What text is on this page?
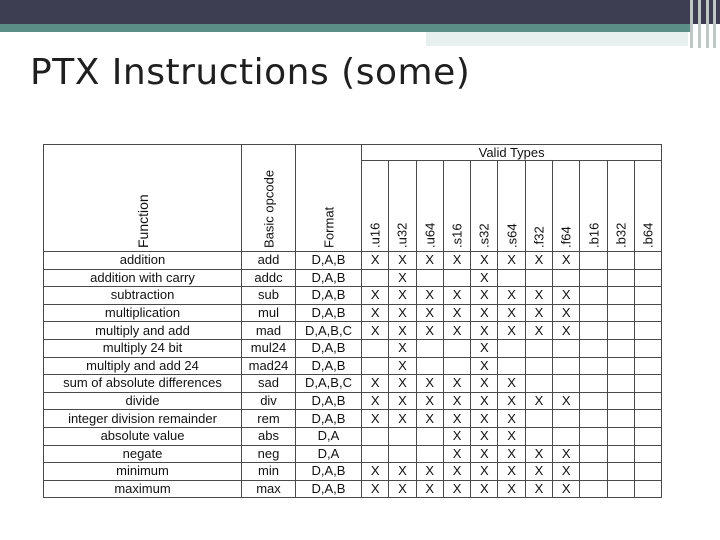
PTX Instructions (some)
Function	Basic opcode	Format	Valid Types										

			.u16	.u32	.u64	.s16	.s32	.s64	.f32	.f64	.b16	.b32	.b64

addition	add	D,A,B	X	X	X	X	X	X	X	X			
addition with carry	addc	D,A,B		X			X						
subtraction	sub	D,A,B	X	X	X	X	X	X	X	X			
multiplication	mul	D,A,B	X	X	X	X	X	X	X	X			
multiply and add	mad	D,A,B,C	X	X	X	X	X	X	X	X			
multiply 24 bit	mul24	D,A,B		X			X						
multiply and add 24	mad24	D,A,B		X			X						
sum of absolute differences	sad	D,A,B,C	X	X	X	X	X	X					
divide	div	D,A,B	X	X	X	X	X	X	X	X			
integer division remainder	rem	D,A,B	X	X	X	X	X	X					
absolute value	abs	D,A				X	X	X					
negate	neg	D,A				X	X	X	X	X			
minimum	min	D,A,B	X	X	X	X	X	X	X	X			
maximum	max	D,A,B	X	X	X	X	X	X	X	X			
